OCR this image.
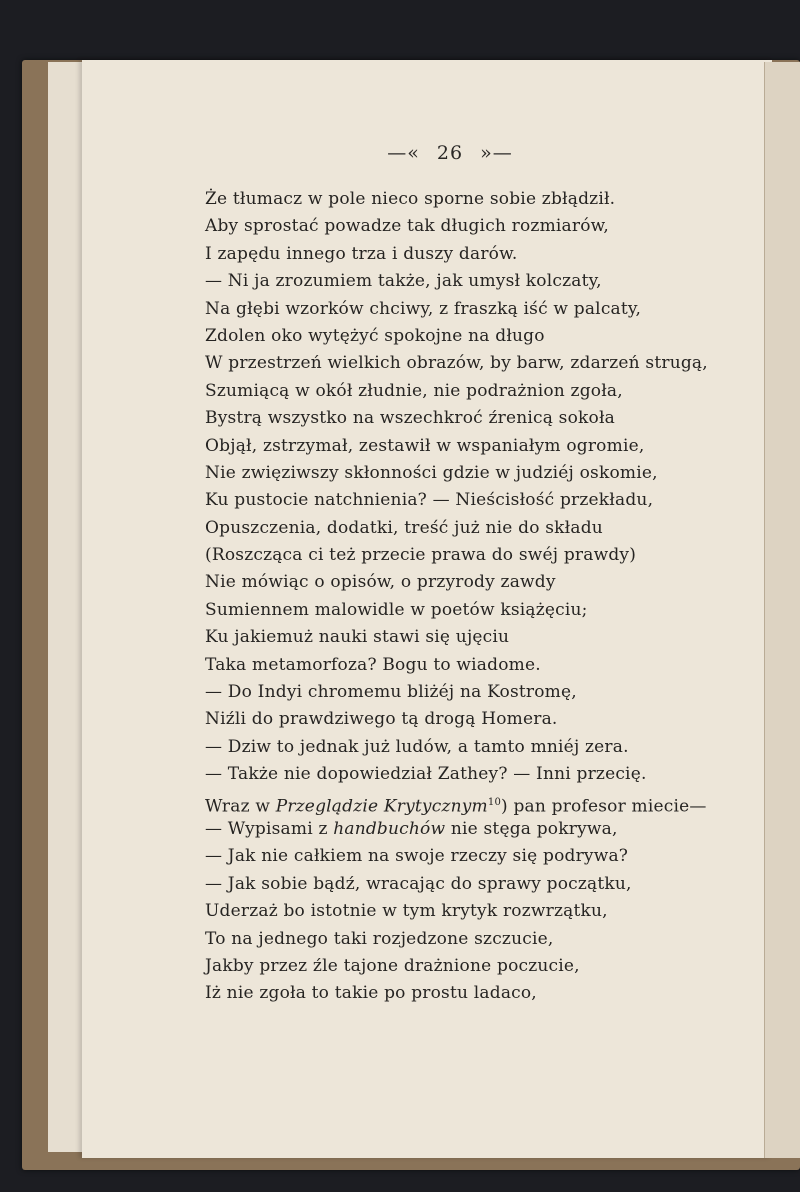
—« 26 »—
Że tłumacz w pole nieco sporne sobie zbłądził.
Aby sprostać powadze tak długich rozmiarów,
I zapędu innego trza i duszy darów.
— Ni ja zrozumiem także, jak umysł kolczaty,
Na głębi wzorków chciwy, z fraszką iść w palcaty,
Zdolen oko wytężyć spokojne na długo
W przestrzeń wielkich obrazów, by barw, zdarzeń strugą,
Szumiącą w okół złudnie, nie podrażnion zgoła,
Bystrą wszystko na wszechkroć źrenicą sokoła
Objął, zstrzymał, zestawił w wspaniałym ogromie,
Nie zwięziwszy skłonności gdzie w judziéj oskomie,
Ku pustocie natchnienia? — Nieścisłość przekładu,
Opuszczenia, dodatki, treść już nie do składu
(Roszcząca ci też przecie prawa do swéj prawdy)
Nie mówiąc o opisów, o przyrody zawdy
Sumiennem malowidle w poetów książęciu;
Ku jakiemuż nauki stawi się ujęciu
Taka metamorfoza? Bogu to wiadome.
— Do Indyi chromemu bliżéj na Kostromę,
Niźli do prawdziwego tą drogą Homera.
— Dziw to jednak już ludów, a tamto mniéj zera.
— Także nie dopowiedział Zathey? — Inni przecię.
Wraz w Przeglądzie Krytycznym$^{10}$) pan profesor miecie—
— Wypisami z handbuchów nie stęga pokrywa,
— Jak nie całkiem na swoje rzeczy się podrywa?
— Jak sobie bądź, wracając do sprawy początku,
Uderzaż bo istotnie w tym krytyk rozwrzątku,
To na jednego taki rozjedzone szczucie,
Jakby przez źle tajone drażnione poczucie,
Iż nie zgoła to takie po prostu ladaco,
